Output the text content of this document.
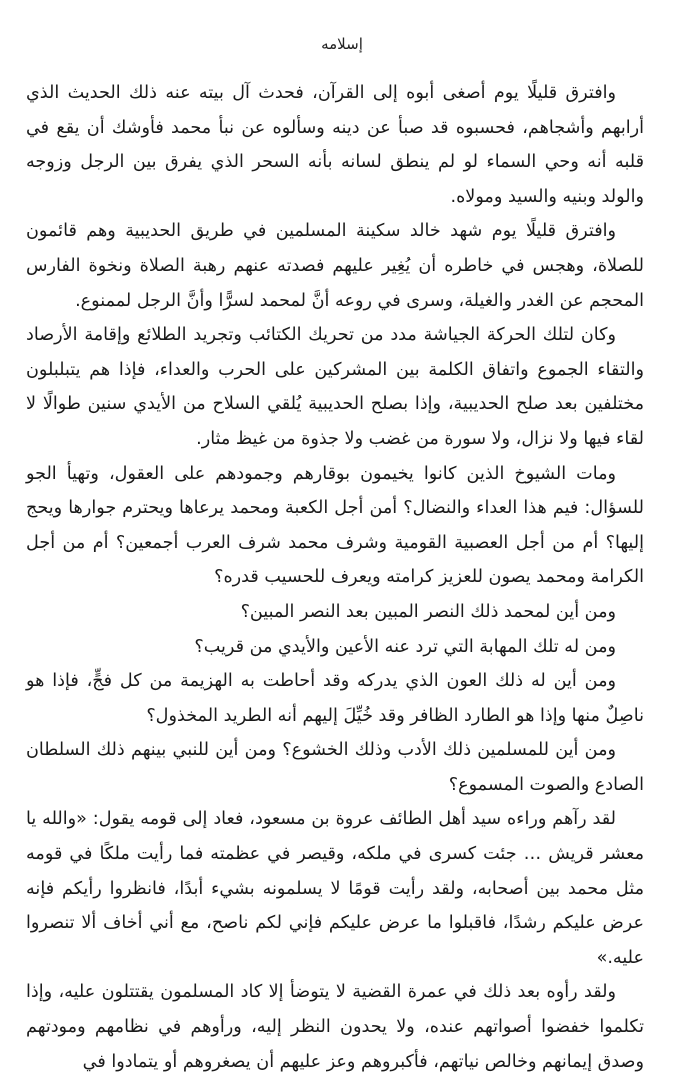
إسلامه

وافترق قليلًا يوم أصغى أبوه إلى القرآن، فحدث آل بيته عنه ذلك الحديث الذي أرابهم وأشجاهم، فحسبوه قد صبأ عن دينه وسألوه عن نبأ محمد فأوشك أن يقع في قلبه أنه وحي السماء لو لم ينطق لسانه بأنه السحر الذي يفرق بين الرجل وزوجه والولد وبنيه والسيد ومولاه.

وافترق قليلًا يوم شهد خالد سكينة المسلمين في طريق الحديبية وهم قائمون للصلاة، وهجس في خاطره أن يُغِير عليهم فصدته عنهم رهبة الصلاة ونخوة الفارس المحجم عن الغدر والغيلة، وسرى في روعه أنَّ لمحمد لسرًّا وأنَّ الرجل لممنوع.

وكان لتلك الحركة الجياشة مدد من تحريك الكتائب وتجريد الطلائع وإقامة الأرصاد والتقاء الجموع واتفاق الكلمة بين المشركين على الحرب والعداء، فإذا هم يتبلبلون مختلفين بعد صلح الحديبية، وإذا بصلح الحديبية يُلقي السلاح من الأيدي سنين طوالًا لا لقاء فيها ولا نزال، ولا سورة من غضب ولا جذوة من غيظ مثار.

ومات الشيوخ الذين كانوا يخيمون بوقارهم وجمودهم على العقول، وتهيأ الجو للسؤال: فيم هذا العداء والنضال؟ أمن أجل الكعبة ومحمد يرعاها ويحترم جوارها ويحج إليها؟ أم من أجل العصبية القومية وشرف محمد شرف العرب أجمعين؟ أم من أجل الكرامة ومحمد يصون للعزيز كرامته ويعرف للحسيب قدره؟

ومن أين لمحمد ذلك النصر المبين بعد النصر المبين؟

ومن له تلك المهابة التي ترد عنه الأعين والأيدي من قريب؟

ومن أين له ذلك العون الذي يدركه وقد أحاطت به الهزيمة من كل فجٍّ، فإذا هو ناصِلٌ منها وإذا هو الطارد الظافر وقد خُيِّلَ إليهم أنه الطريد المخذول؟

ومن أين للمسلمين ذلك الأدب وذلك الخشوع؟ ومن أين للنبي بينهم ذلك السلطان الصادع والصوت المسموع؟

لقد رآهم وراءه سيد أهل الطائف عروة بن مسعود، فعاد إلى قومه يقول: «والله يا معشر قريش … جئت كسرى في ملكه، وقيصر في عظمته فما رأيت ملكًا في قومه مثل محمد بين أصحابه، ولقد رأيت قومًا لا يسلمونه بشيء أبدًا، فانظروا رأيكم فإنه عرض عليكم رشدًا، فاقبلوا ما عرض عليكم فإني لكم ناصح، مع أني أخاف ألا تنصروا عليه.»

ولقد رأوه بعد ذلك في عمرة القضية لا يتوضأ إلا كاد المسلمون يقتتلون عليه، وإذا تكلموا خفضوا أصواتهم عنده، ولا يحدون النظر إليه، ورأوهم في نظامهم ومودتهم وصدق إيمانهم وخالص نياتهم، فأكبروهم وعز عليهم أن يصغروهم أو يتمادوا في
